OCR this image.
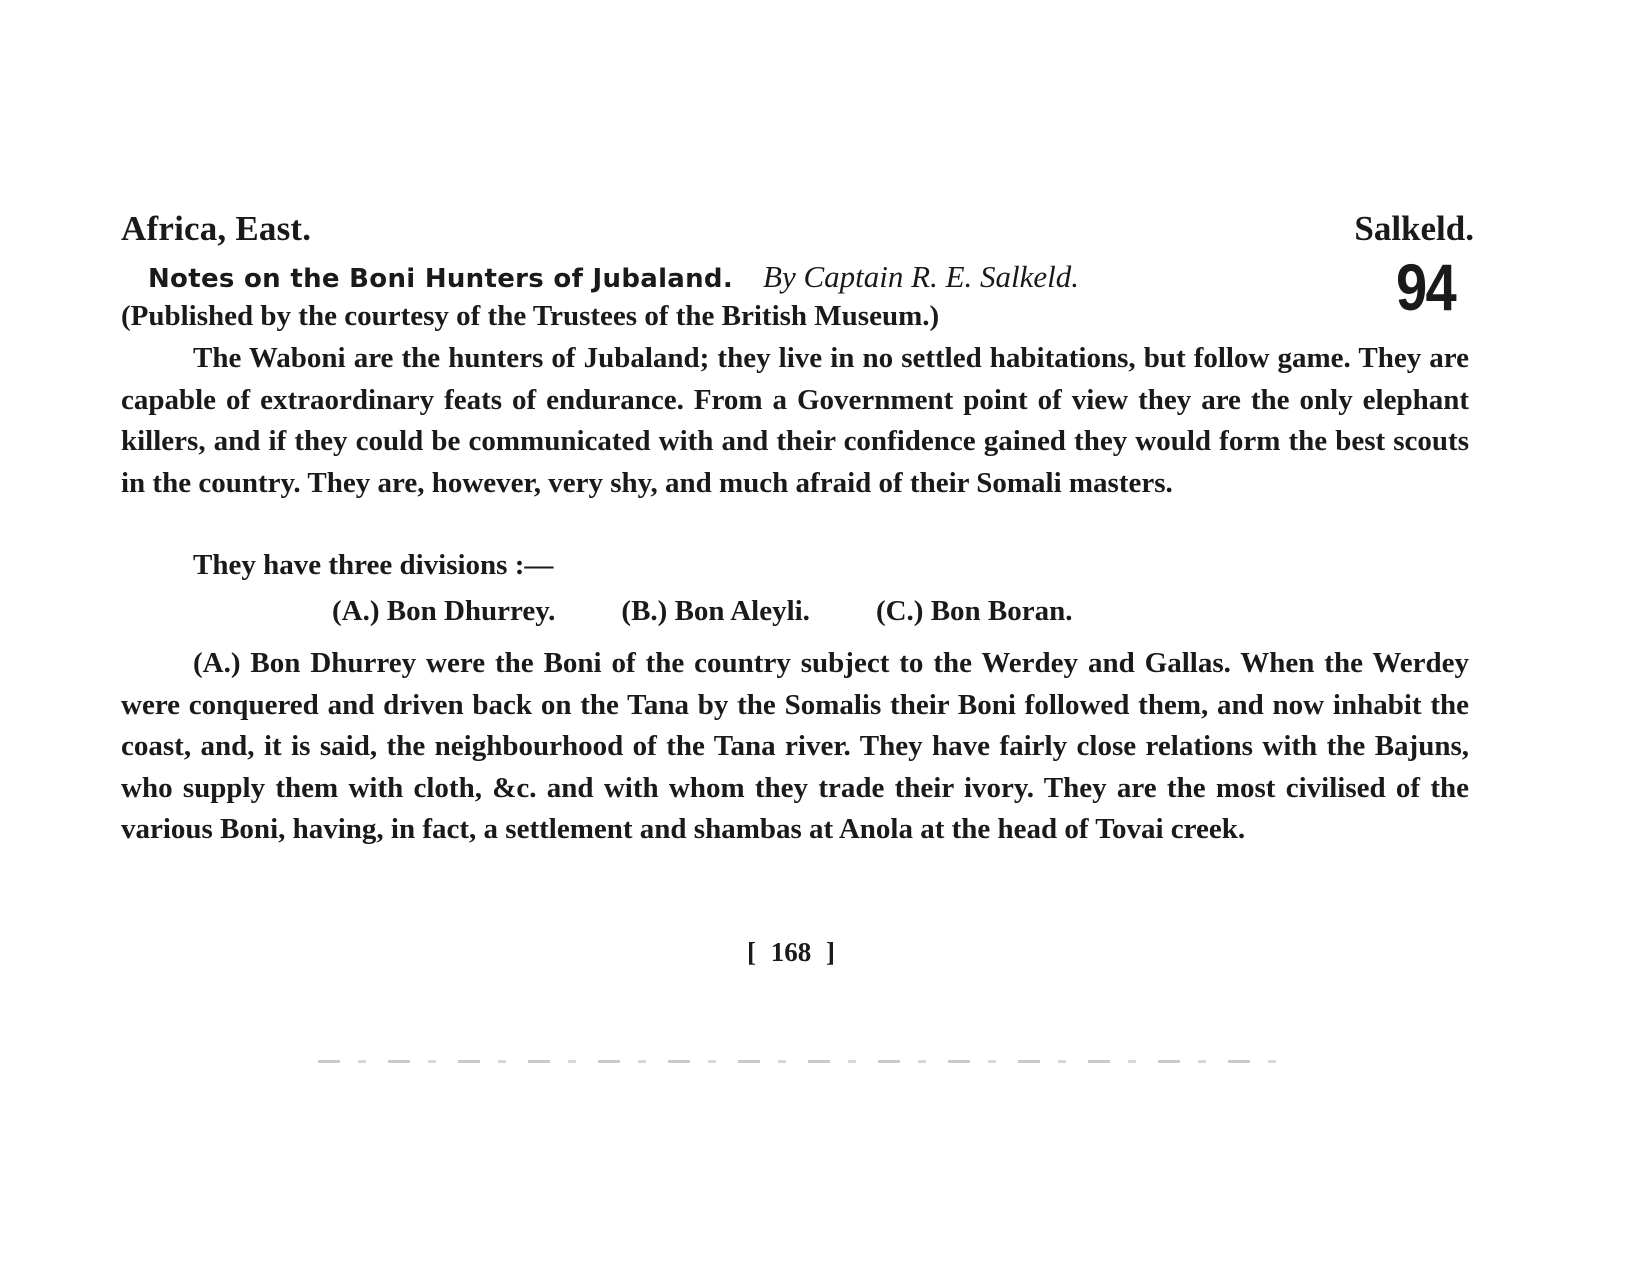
Africa, East.	Salkeld.
Notes on the Boni Hunters of Jubaland. By Captain R. E. Salkeld.	94
(Published by the courtesy of the Trustees of the British Museum.)

The Waboni are the hunters of Jubaland; they live in no settled habitations, but follow game. They are capable of extraordinary feats of endurance. From a Government point of view they are the only elephant killers, and if they could be communicated with and their confidence gained they would form the best scouts in the country. They are, however, very shy, and much afraid of their Somali masters.

They have three divisions :—

(A.) Bon Dhurrey. (B.) Bon Aleyli. (C.) Bon Boran.

(A.) Bon Dhurrey were the Boni of the country subject to the Werdey and Gallas. When the Werdey were conquered and driven back on the Tana by the Somalis their Boni followed them, and now inhabit the coast, and, it is said, the neighbourhood of the Tana river. They have fairly close relations with the Bajuns, who supply them with cloth, &c. and with whom they trade their ivory. They are the most civilised of the various Boni, having, in fact, a settlement and shambas at Anola at the head of Tovai creek.

[ 168 ]
